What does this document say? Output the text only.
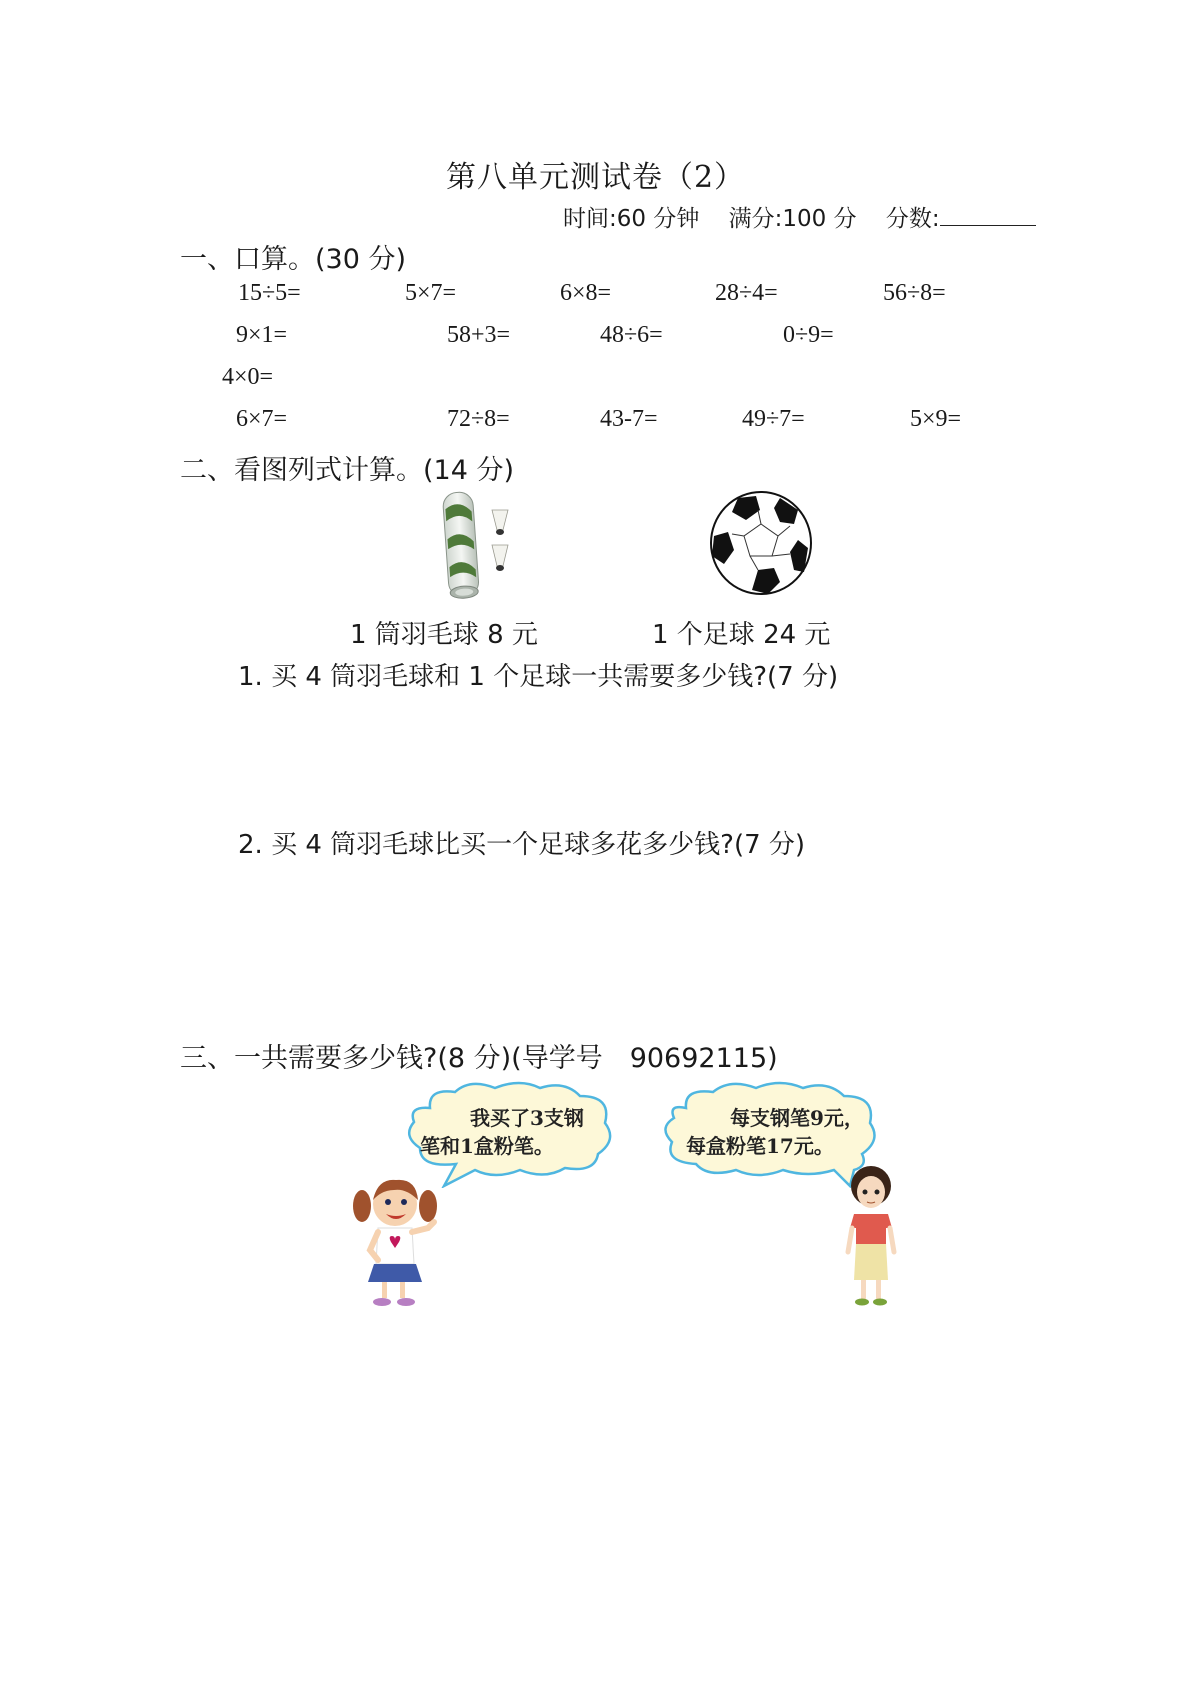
第八单元测试卷（2）
时间:60 分钟 满分:100 分 分数:
一、口算。(30 分)
15÷5=	5×7=	6×8=	28÷4=	56÷8=
9×1=	58+3=	48÷6=	0÷9=
4×0=
6×7=	72÷8=	43-7=	49÷7=	5×9=
二、看图列式计算。(14 分)
1 筒羽毛球 8 元	1 个足球 24 元
1. 买 4 筒羽毛球和 1 个足球一共需要多少钱?(7 分)
2. 买 4 筒羽毛球比买一个足球多花多少钱?(7 分)
三、一共需要多少钱?(8 分)(导学号　90692115)
我买了3支钢
笔和1盒粉笔。
每支钢笔9元，
每盒粉笔17元。
